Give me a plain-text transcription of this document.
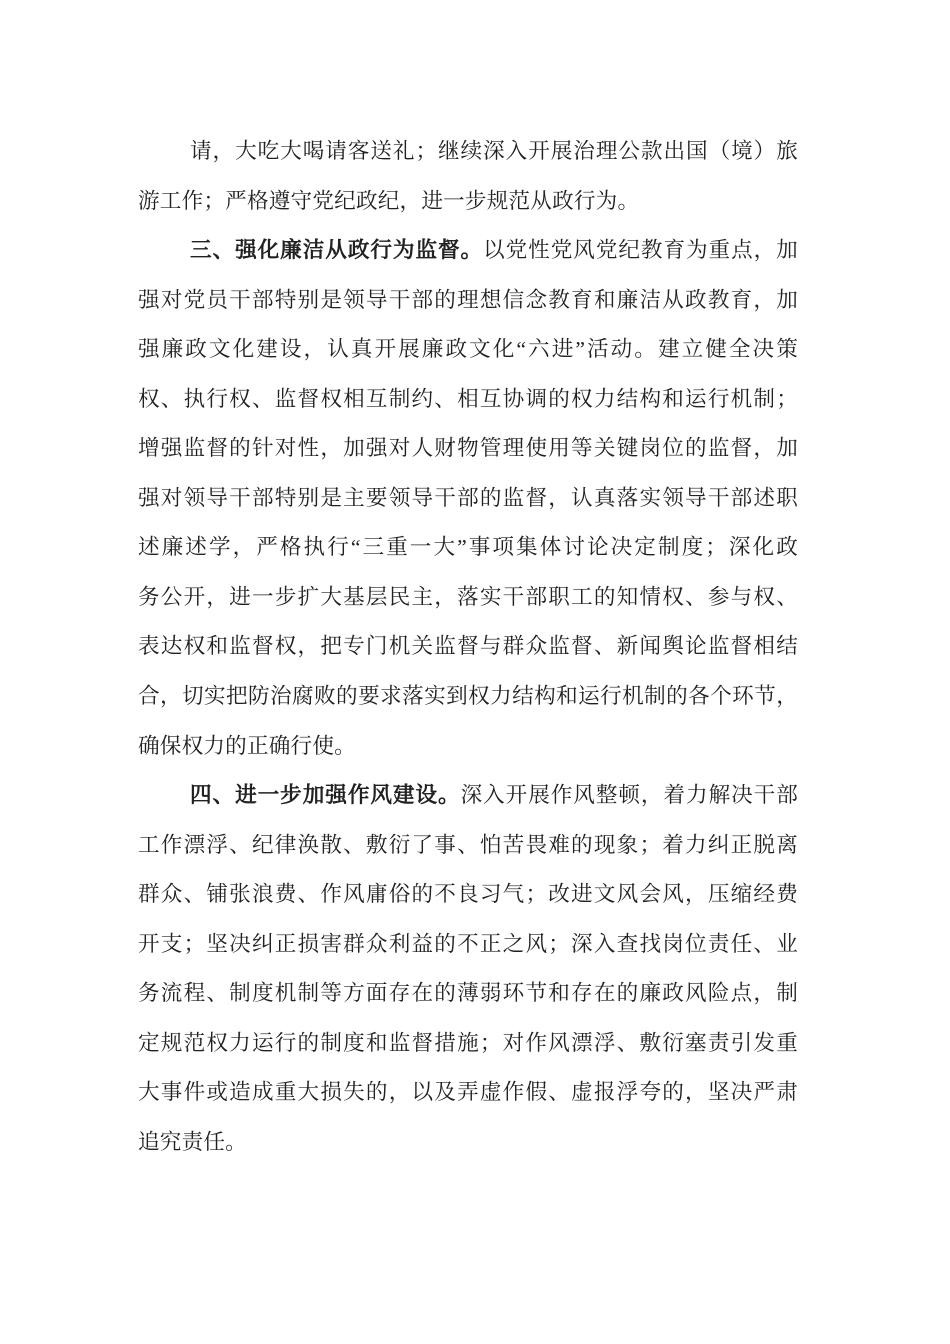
请，大吃大喝请客送礼；继续深入开展治理公款出国（境）旅
游工作；严格遵守党纪政纪，进一步规范从政行为。
三、强化廉洁从政行为监督。以党性党风党纪教育为重点，加
强对党员干部特别是领导干部的理想信念教育和廉洁从政教育，加
强廉政文化建设，认真开展廉政文化“六进”活动。建立健全决策
权、执行权、监督权相互制约、相互协调的权力结构和运行机制；
增强监督的针对性，加强对人财物管理使用等关键岗位的监督，加
强对领导干部特别是主要领导干部的监督，认真落实领导干部述职
述廉述学，严格执行“三重一大”事项集体讨论决定制度；深化政
务公开，进一步扩大基层民主，落实干部职工的知情权、参与权、
表达权和监督权，把专门机关监督与群众监督、新闻舆论监督相结
合，切实把防治腐败的要求落实到权力结构和运行机制的各个环节，
确保权力的正确行使。
四、进一步加强作风建设。深入开展作风整顿，着力解决干部
工作漂浮、纪律涣散、敷衍了事、怕苦畏难的现象；着力纠正脱离
群众、铺张浪费、作风庸俗的不良习气；改进文风会风，压缩经费
开支；坚决纠正损害群众利益的不正之风；深入查找岗位责任、业
务流程、制度机制等方面存在的薄弱环节和存在的廉政风险点，制
定规范权力运行的制度和监督措施；对作风漂浮、敷衍塞责引发重
大事件或造成重大损失的，以及弄虚作假、虚报浮夸的，坚决严肃
追究责任。
